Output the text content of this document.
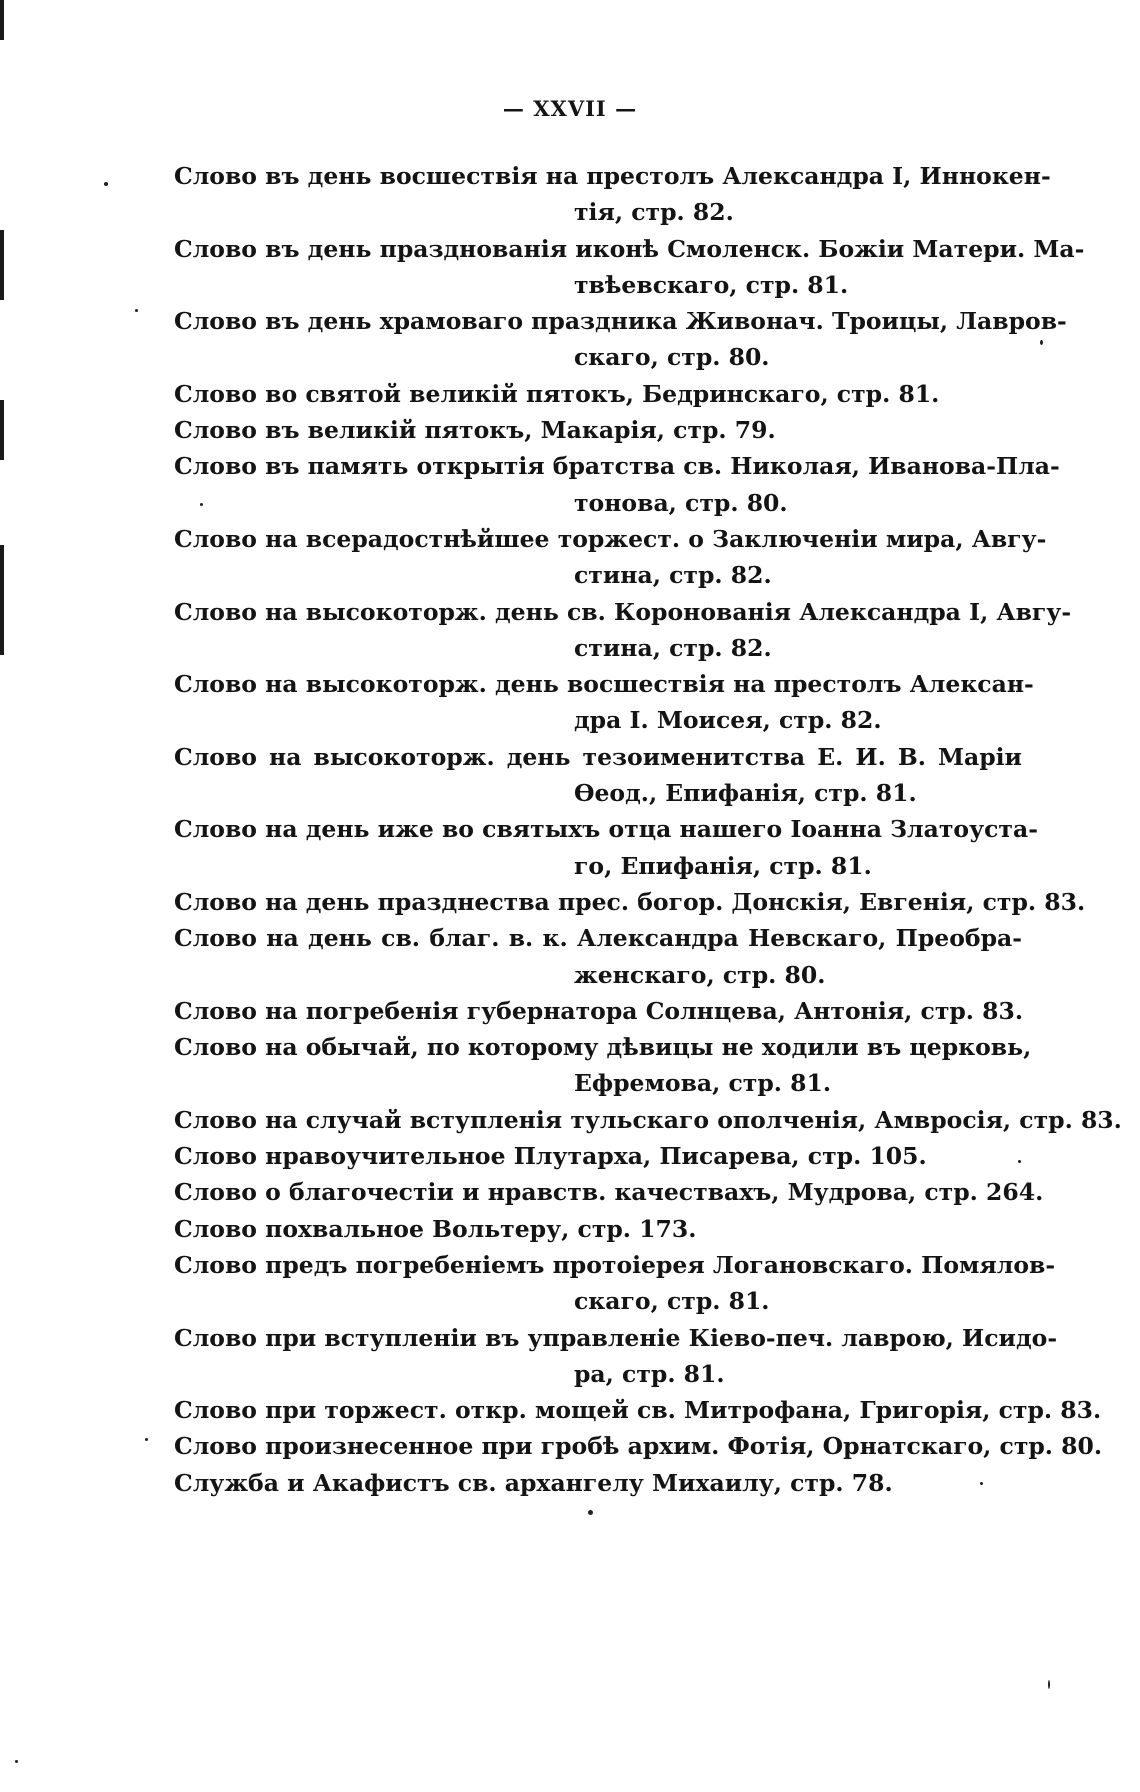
— XXVII —
Слово въ день восшествія на престолъ Александра I, Иннокен-
тія, стр. 82.
Слово въ день празднованія иконѣ Смоленск. Божіи Матери. Ма-
твѣевскаго, стр. 81.
Слово въ день храмоваго праздника Живонач. Троицы, Лавров-
скаго, стр. 80.
Слово во святой великій пятокъ, Бедринскаго, стр. 81.
Слово въ великій пятокъ, Макарія, стр. 79.
Слово въ память открытія братства св. Николая, Иванова-Пла-
тонова, стр. 80.
Слово на всерадостнѣйшее торжест. о Заключеніи мира, Авгу-
стина, стр. 82.
Слово на высокоторж. день св. Коронованія Александра I, Авгу-
стина, стр. 82.
Слово на высокоторж. день восшествія на престолъ Алексан-
дра I. Моисея, стр. 82.
Слово на высокоторж. день тезоименитства Е. И. В. Маріи
Ѳеод., Епифанія, стр. 81.
Слово на день иже во святыхъ отца нашего Іоанна Златоуста-
го, Епифанія, стр. 81.
Слово на день празднества прес. богор. Донскія, Евгенія, стр. 83.
Слово на день св. благ. в. к. Александра Невскаго, Преобра-
женскаго, стр. 80.
Слово на погребенія губернатора Солнцева, Антонія, стр. 83.
Слово на обычай, по которому дѣвицы не ходили въ церковь,
Ефремова, стр. 81.
Слово на случай вступленія тульскаго ополченія, Амвросія, стр. 83.
Слово нравоучительное Плутарха, Писарева, стр. 105.
Слово о благочестіи и нравств. качествахъ, Мудрова, стр. 264.
Слово похвальное Вольтеру, стр. 173.
Слово предъ погребеніемъ протоіерея Логановскаго. Помялов-
скаго, стр. 81.
Слово при вступленіи въ управленіе Кіево-печ. лаврою, Исидо-
ра, стр. 81.
Слово при торжест. откр. мощей св. Митрофана, Григорія, стр. 83.
Слово произнесенное при гробѣ архим. Фотія, Орнатскаго, стр. 80.
Служба и Акафистъ св. архангелу Михаилу, стр. 78.
